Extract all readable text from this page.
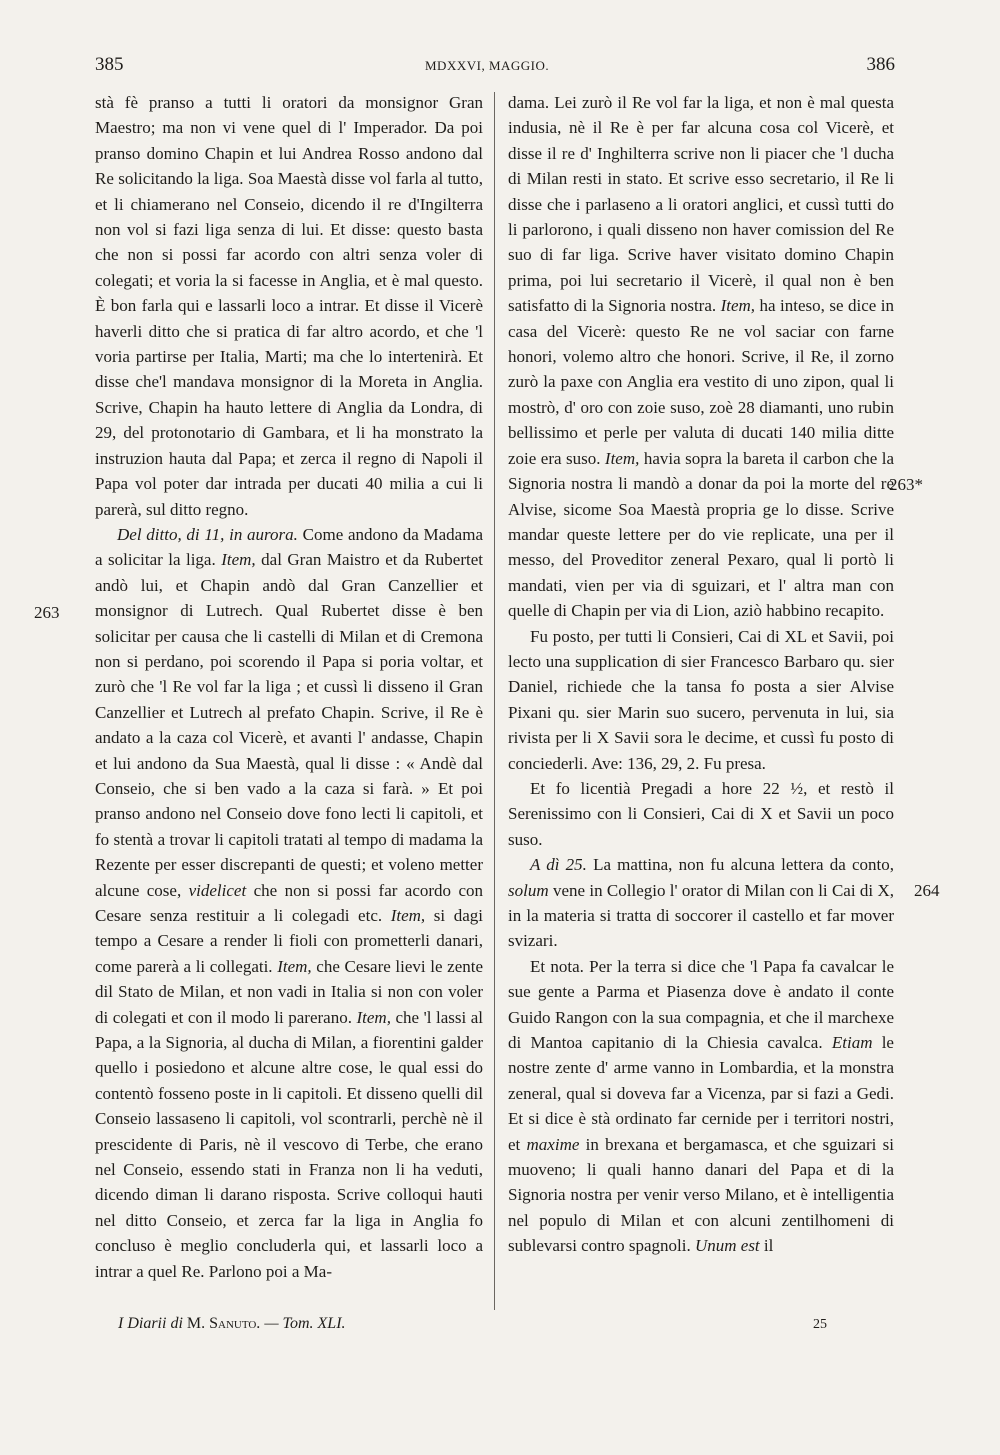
385	MDXXVI, MAGGIO.	386

stà fè pranso a tutti li oratori da monsignor Gran Maestro; ma non vi vene quel di l' Imperador. Da poi pranso domino Chapin et lui Andrea Rosso andono dal Re solicitando la liga. Soa Maestà disse vol farla al tutto, et li chiamerano nel Conseio, dicendo il re d'Ingilterra non vol si fazi liga senza di lui. Et disse: questo basta che non si possi far acordo con altri senza voler di colegati; et voria la si facesse in Anglia, et è mal questo. È bon farla qui e lassarli loco a intrar. Et disse il Vicerè haverli ditto che si pratica di far altro acordo, et che 'l voria partirse per Italia, Marti; ma che lo intertenirà. Et disse che'l mandava monsignor di la Moreta in Anglia. Scrive, Chapin ha hauto lettere di Anglia da Londra, di 29, del protonotario di Gambara, et li ha monstrato la instruzion hauta dal Papa; et zerca il regno di Napoli il Papa vol poter dar intrada per ducati 40 milia a cui li parerà, sul ditto regno.

Del ditto, di 11, in aurora. Come andono da Madama a solicitar la liga. Item, dal Gran Maistro et da Rubertet andò lui, et Chapin andò dal Gran Canzellier et monsignor di Lutrech. Qual Rubertet disse è ben solicitar per causa che li castelli di Milan et di Cremona non si perdano, poi scorendo il Papa si poria voltar, et zurò che 'l Re vol far la liga ; et cussì li disseno il Gran Canzellier et Lutrech al prefato Chapin. Scrive, il Re è andato a la caza col Vicerè, et avanti l' andasse, Chapin et lui andono da Sua Maestà, qual li disse : « Andè dal Conseio, che si ben vado a la caza si farà. » Et poi pranso andono nel Conseio dove fono lecti li capitoli, et fo stentà a trovar li capitoli tratati al tempo di madama la Rezente per esser discrepanti de questi; et voleno metter alcune cose, videlicet che non si possi far acordo con Cesare senza restituir a li colegadi etc. Item, si dagi tempo a Cesare a render li fioli con prometterli danari, come parerà a li collegati. Item, che Cesare lievi le zente dil Stato de Milan, et non vadi in Italia si non con voler di colegati et con il modo li parerano. Item, che 'l lassi al Papa, a la Signoria, al ducha di Milan, a fiorentini galder quello i posiedono et alcune altre cose, le qual essi do contentò fosseno poste in li capitoli. Et disseno quelli dil Conseio lassaseno li capitoli, vol scontrarli, perchè nè il prescidente di Paris, nè il vescovo di Terbe, che erano nel Conseio, essendo stati in Franza non li ha veduti, dicendo diman li darano risposta. Scrive colloqui hauti nel ditto Conseio, et zerca far la liga in Anglia fo concluso è meglio concluderla qui, et lassarli loco a intrar a quel Re. Parlono poi a Ma-

dama. Lei zurò il Re vol far la liga, et non è mal questa indusia, nè il Re è per far alcuna cosa col Vicerè, et disse il re d' Inghilterra scrive non li piacer che 'l ducha di Milan resti in stato. Et scrive esso secretario, il Re li disse che i parlaseno a li oratori anglici, et cussì tutti do li parlorono, i quali disseno non haver comission del Re suo di far liga. Scrive haver visitato domino Chapin prima, poi lui secretario il Vicerè, il qual non è ben satisfatto di la Signoria nostra. Item, ha inteso, se dice in casa del Vicerè: questo Re ne vol saciar con farne honori, volemo altro che honori. Scrive, il Re, il zorno zurò la paxe con Anglia era vestito di uno zipon, qual li mostrò, d' oro con zoie suso, zoè 28 diamanti, uno rubin bellissimo et perle per valuta di ducati 140 milia ditte zoie era suso. Item, havia sopra la bareta il carbon che la Signoria nostra li mandò a donar da poi la morte del re Alvise, sicome Soa Maestà propria ge lo disse. Scrive mandar queste lettere per do vie replicate, una per il messo, del Proveditor zeneral Pexaro, qual li portò li mandati, vien per via di sguizari, et l' altra man con quelle di Chapin per via di Lion, aziò habbino recapito.

Fu posto, per tutti li Consieri, Cai di XL et Savii, poi lecto una supplication di sier Francesco Barbaro qu. sier Daniel, richiede che la tansa fo posta a sier Alvise Pixani qu. sier Marin suo sucero, pervenuta in lui, sia rivista per li X Savii sora le decime, et cussì fu posto di conciederli. Ave: 136, 29, 2. Fu presa.

Et fo licentià Pregadi a hore 22 ½, et restò il Serenissimo con li Consieri, Cai di X et Savii un poco suso.

A dì 25. La mattina, non fu alcuna lettera da conto, solum vene in Collegio l' orator di Milan con li Cai di X, in la materia si tratta di soccorer il castello et far mover svizari.

Et nota. Per la terra si dice che 'l Papa fa cavalcar le sue gente a Parma et Piasenza dove è andato il conte Guido Rangon con la sua compagnia, et che il marchexe di Mantoa capitanio di la Chiesia cavalca. Etiam le nostre zente d' arme vanno in Lombardia, et la monstra zeneral, qual si doveva far a Vicenza, par si fazi a Gedi. Et si dice è stà ordinato far cernide per i territori nostri, et maxime in brexana et bergamasca, et che sguizari si muoveno; li quali hanno danari del Papa et di la Signoria nostra per venir verso Milano, et è intelligentia nel populo di Milan et con alcuni zentilhomeni di sublevarsi contro spagnoli. Unum est il

263
263*
264
I Diarii di M. Sanuto. — Tom. XLI.	25
